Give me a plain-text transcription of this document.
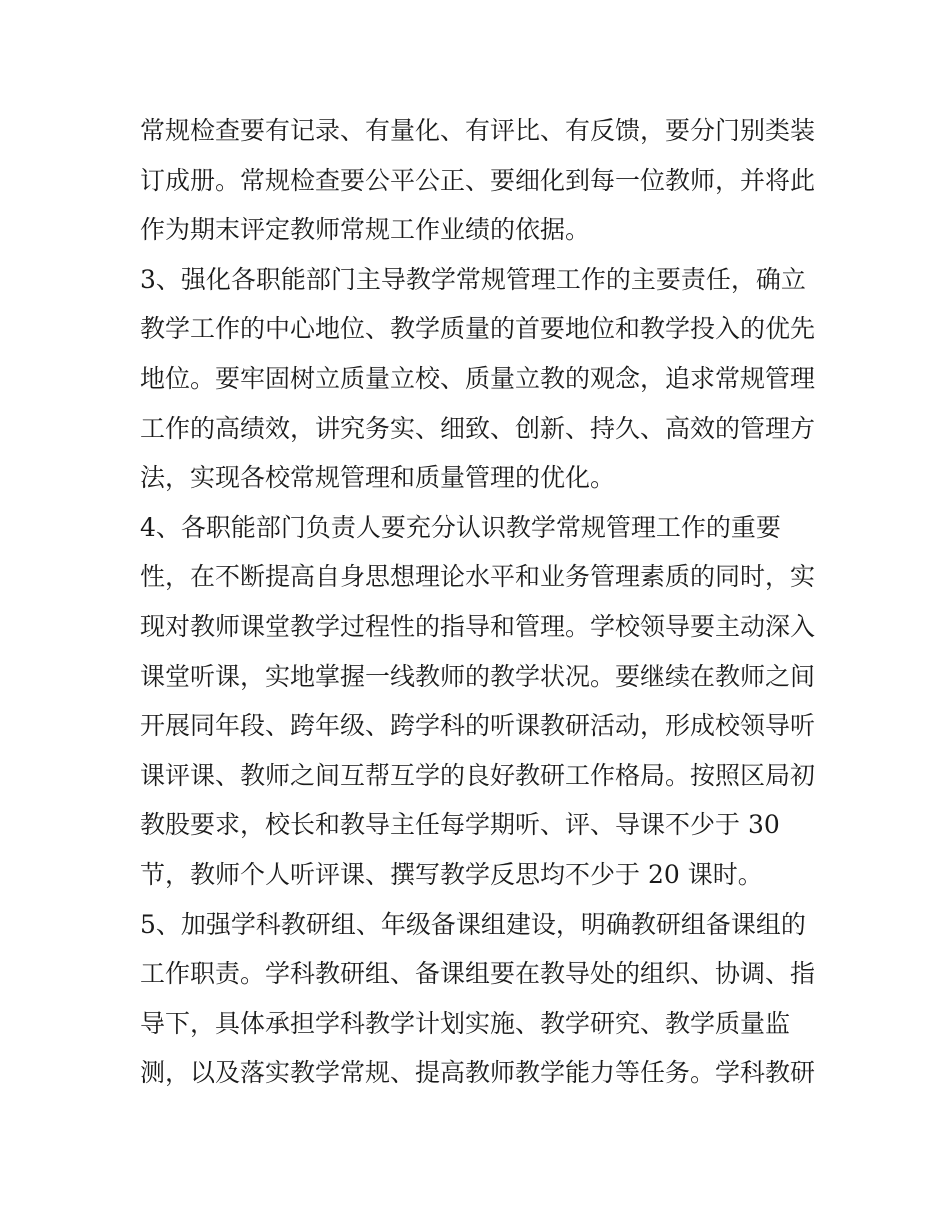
常规检查要有记录、有量化、有评比、有反馈，要分门别类装
订成册。常规检查要公平公正、要细化到每一位教师，并将此
作为期末评定教师常规工作业绩的依据。
3、强化各职能部门主导教学常规管理工作的主要责任，确立
教学工作的中心地位、教学质量的首要地位和教学投入的优先
地位。要牢固树立质量立校、质量立教的观念，追求常规管理
工作的高绩效，讲究务实、细致、创新、持久、高效的管理方
法，实现各校常规管理和质量管理的优化。
4、各职能部门负责人要充分认识教学常规管理工作的重要
性，在不断提高自身思想理论水平和业务管理素质的同时，实
现对教师课堂教学过程性的指导和管理。学校领导要主动深入
课堂听课，实地掌握一线教师的教学状况。要继续在教师之间
开展同年段、跨年级、跨学科的听课教研活动，形成校领导听
课评课、教师之间互帮互学的良好教研工作格局。按照区局初
教股要求，校长和教导主任每学期听、评、导课不少于 30
节，教师个人听评课、撰写教学反思均不少于 20 课时。
5、加强学科教研组、年级备课组建设，明确教研组备课组的
工作职责。学科教研组、备课组要在教导处的组织、协调、指
导下，具体承担学科教学计划实施、教学研究、教学质量监
测，以及落实教学常规、提高教师教学能力等任务。学科教研
